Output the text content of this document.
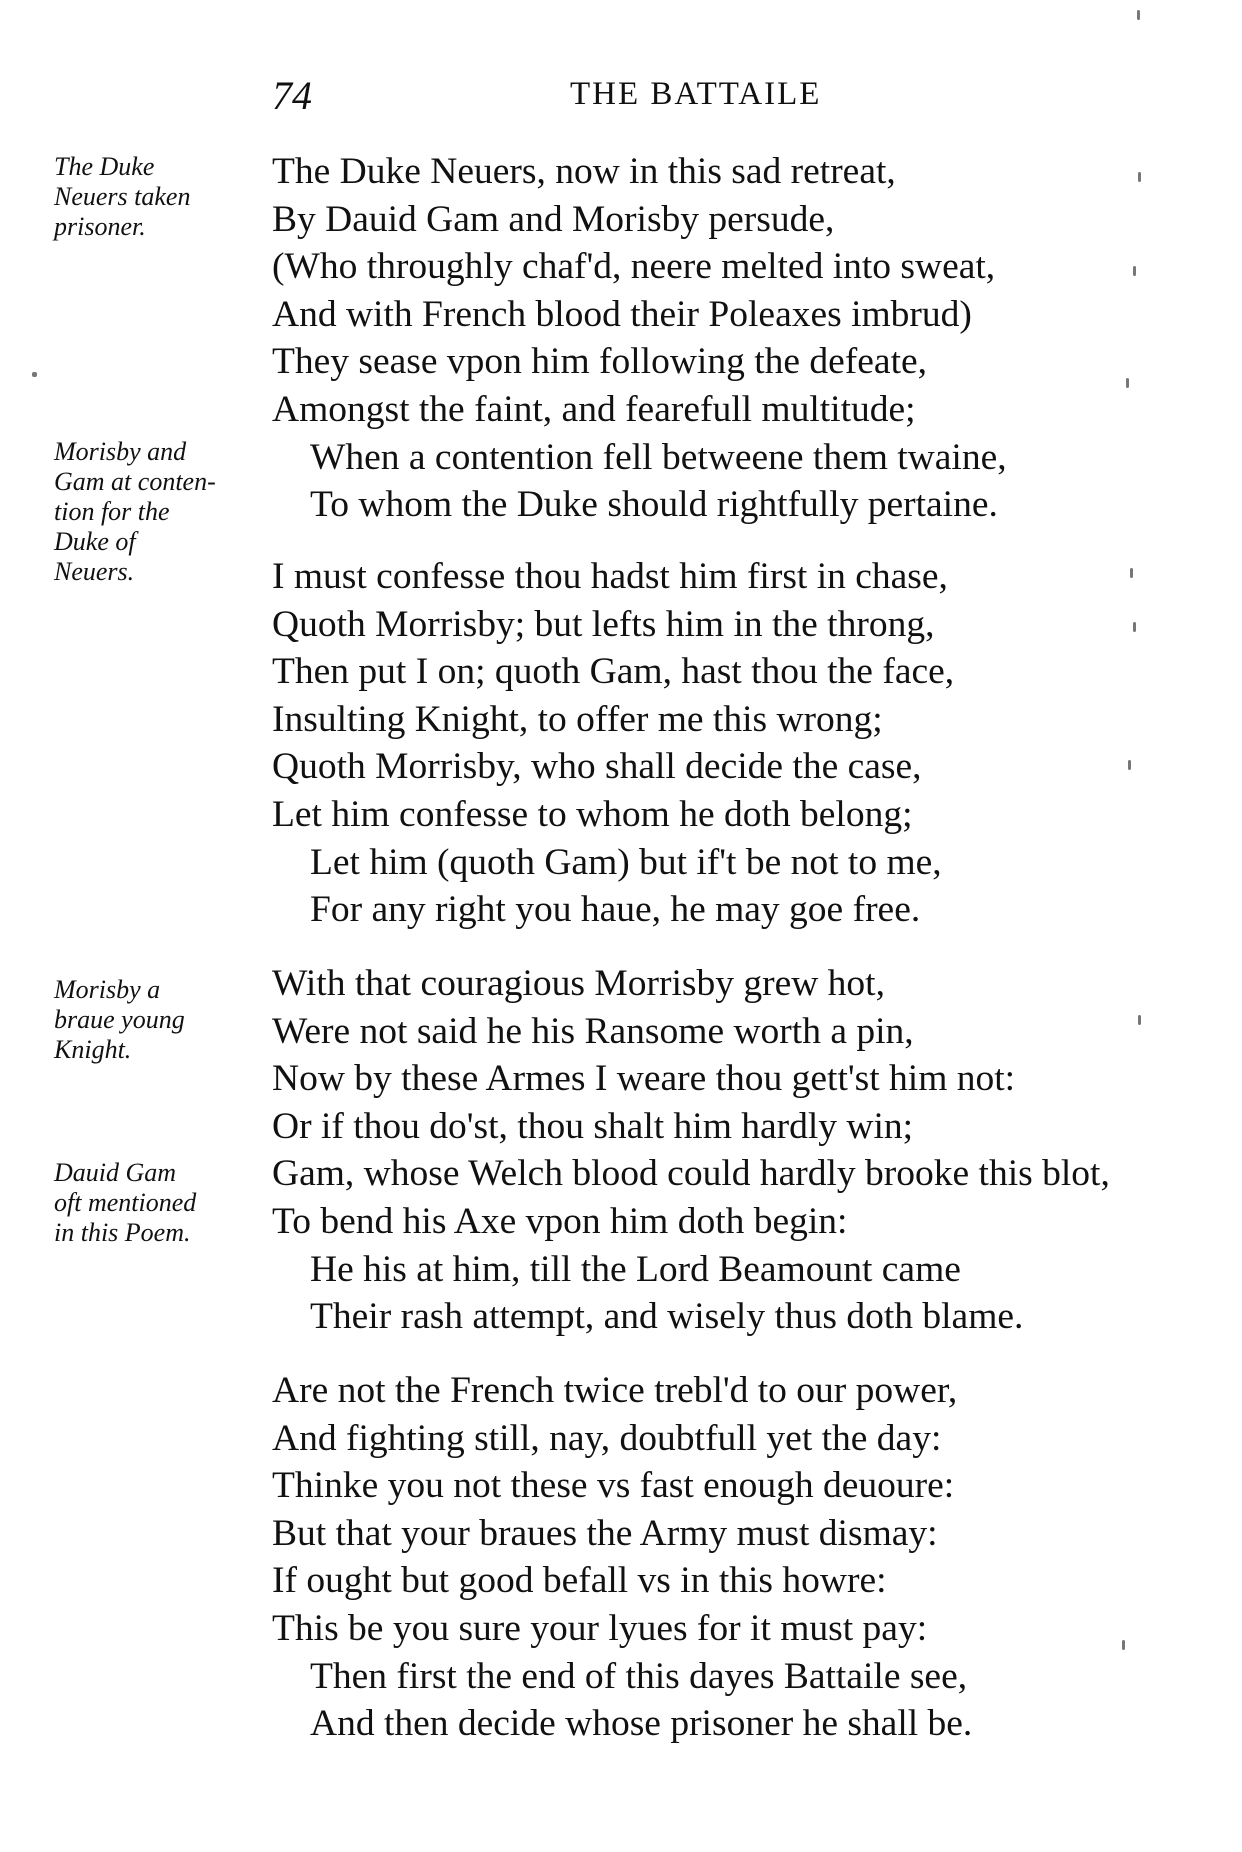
74	THE BATTAILE
The Duke
Neuers taken
prisoner.
Morisby and
Gam at conten-
tion for the
Duke of
Neuers.
Morisby a
braue young
Knight.
Dauid Gam
oft mentioned
in this Poem.
The Duke Neuers, now in this sad retreat,
By Dauid Gam and Morisby persude,
(Who throughly chaf'd, neere melted into sweat,
And with French blood their Poleaxes imbrud)
They sease vpon him following the defeate,
Amongst the faint, and fearefull multitude;
When a contention fell betweene them twaine,
To whom the Duke should rightfully pertaine.
I must confesse thou hadst him first in chase,
Quoth Morrisby; but lefts him in the throng,
Then put I on; quoth Gam, hast thou the face,
Insulting Knight, to offer me this wrong;
Quoth Morrisby, who shall decide the case,
Let him confesse to whom he doth belong;
Let him (quoth Gam) but if't be not to me,
For any right you haue, he may goe free.
With that couragious Morrisby grew hot,
Were not said he his Ransome worth a pin,
Now by these Armes I weare thou gett'st him not:
Or if thou do'st, thou shalt him hardly win;
Gam, whose Welch blood could hardly brooke this blot,
To bend his Axe vpon him doth begin:
He his at him, till the Lord Beamount came
Their rash attempt, and wisely thus doth blame.
Are not the French twice trebl'd to our power,
And fighting still, nay, doubtfull yet the day:
Thinke you not these vs fast enough deuoure:
But that your braues the Army must dismay:
If ought but good befall vs in this howre:
This be you sure your lyues for it must pay:
Then first the end of this dayes Battaile see,
And then decide whose prisoner he shall be.
